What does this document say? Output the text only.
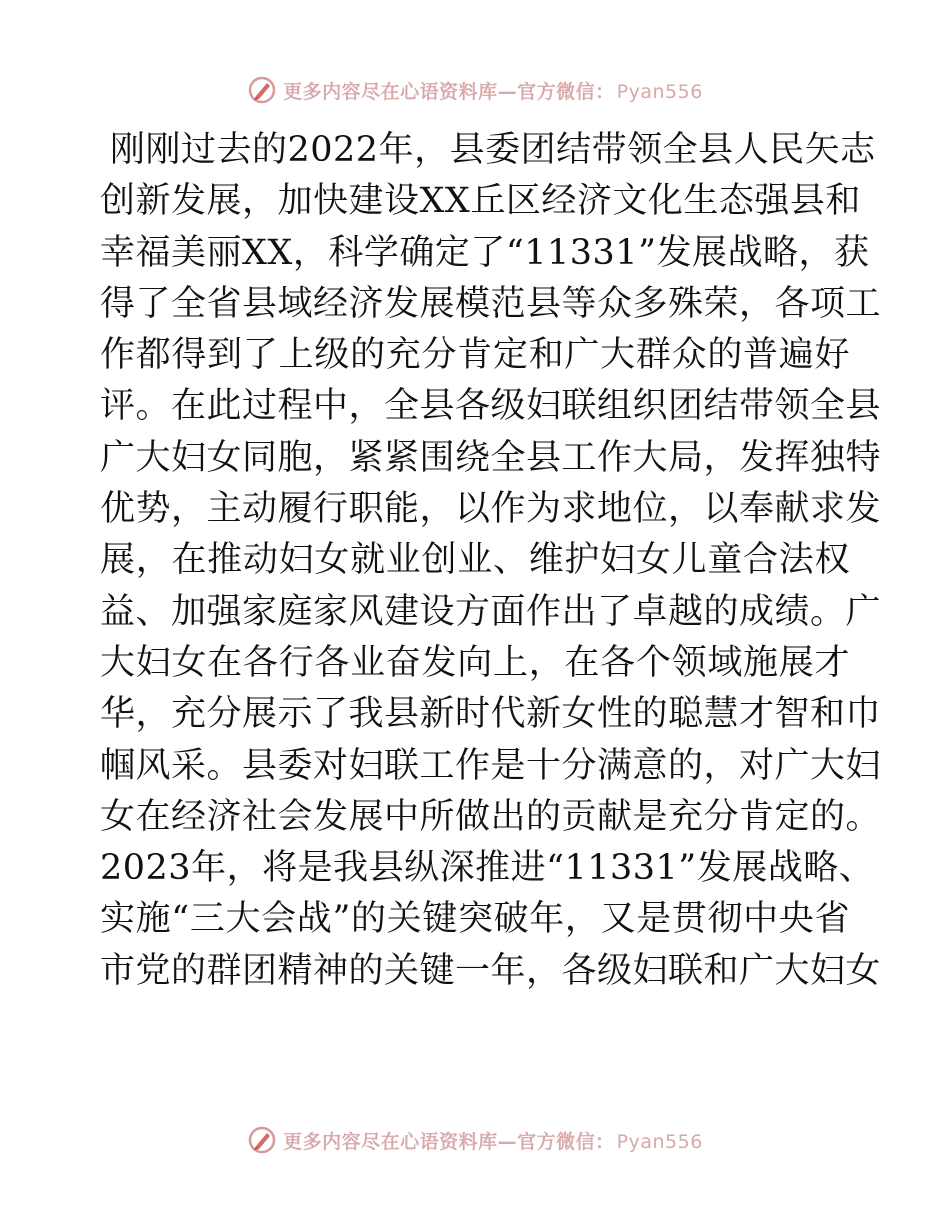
更多内容尽在心语资料库—官方微信： Pyan556
刚刚过去的2022年，县委团结带领全县人民矢志
创新发展，加快建设XX丘区经济文化生态强县和
幸福美丽XX，科学确定了“11331”发展战略，获
得了全省县域经济发展模范县等众多殊荣，各项工
作都得到了上级的充分肯定和广大群众的普遍好
评。在此过程中，全县各级妇联组织团结带领全县
广大妇女同胞，紧紧围绕全县工作大局，发挥独特
优势，主动履行职能，以作为求地位，以奉献求发
展，在推动妇女就业创业、维护妇女儿童合法权
益、加强家庭家风建设方面作出了卓越的成绩。广
大妇女在各行各业奋发向上，在各个领域施展才
华，充分展示了我县新时代新女性的聪慧才智和巾
帼风采。县委对妇联工作是十分满意的，对广大妇
女在经济社会发展中所做出的贡献是充分肯定的。
2023年，将是我县纵深推进“11331”发展战略、
实施“三大会战”的关键突破年，又是贯彻中央省
市党的群团精神的关键一年，各级妇联和广大妇女
更多内容尽在心语资料库—官方微信： Pyan556
